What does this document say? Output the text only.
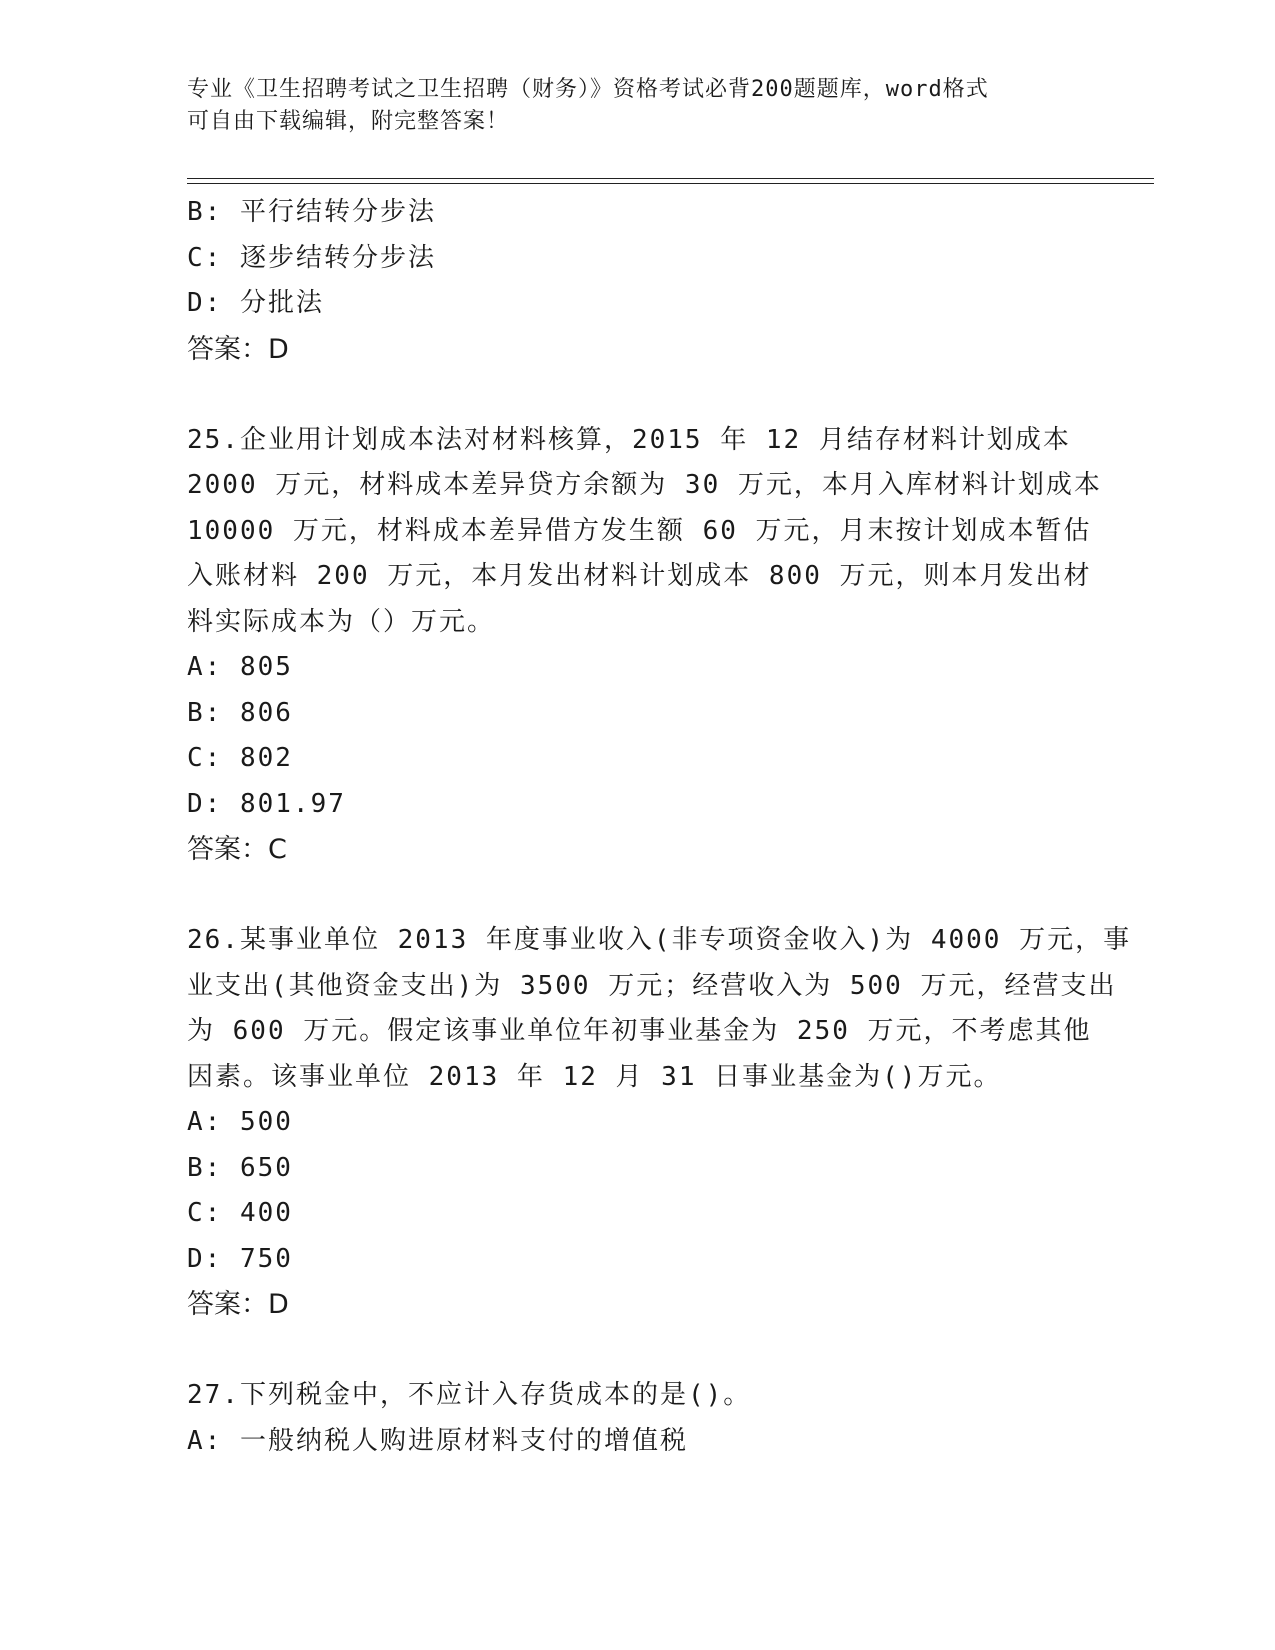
专业《卫生招聘考试之卫生招聘（财务）》资格考试必背200题题库，word格式
可自由下载编辑，附完整答案！
B: 平行结转分步法
C: 逐步结转分步法
D: 分批法
答案：D
25.企业用计划成本法对材料核算，2015 年 12 月结存材料计划成本
2000 万元，材料成本差异贷方余额为 30 万元，本月入库材料计划成本
10000 万元，材料成本差异借方发生额 60 万元，月末按计划成本暂估
入账材料 200 万元，本月发出材料计划成本 800 万元，则本月发出材
料实际成本为（）万元。
A: 805
B: 806
C: 802
D: 801.97
答案：C
26.某事业单位 2013 年度事业收入(非专项资金收入)为 4000 万元，事
业支出(其他资金支出)为 3500 万元；经营收入为 500 万元，经营支出
为 600 万元。假定该事业单位年初事业基金为 250 万元，不考虑其他
因素。该事业单位 2013 年 12 月 31 日事业基金为()万元。
A: 500
B: 650
C: 400
D: 750
答案：D
27.下列税金中，不应计入存货成本的是()。
A: 一般纳税人购进原材料支付的增值税
